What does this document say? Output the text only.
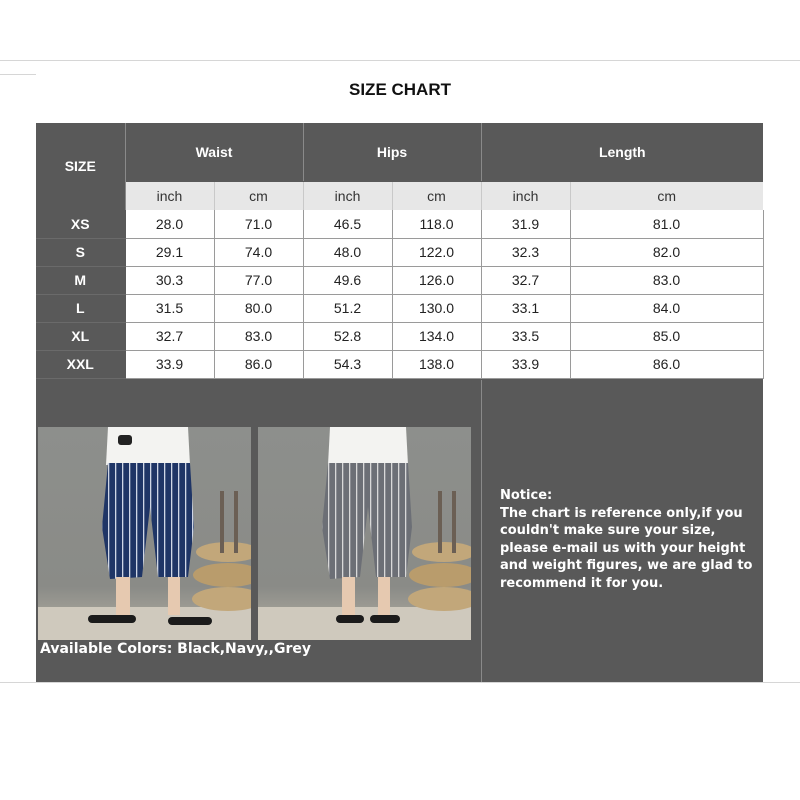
SIZE CHART
SIZE	Waist		Hips		Length	
	inch	cm	inch	cm	inch	cm
XS	28.0	71.0	46.5	118.0	31.9	81.0
S	29.1	74.0	48.0	122.0	32.3	82.0
M	30.3	77.0	49.6	126.0	32.7	83.0
L	31.5	80.0	51.2	130.0	33.1	84.0
XL	32.7	83.0	52.8	134.0	33.5	85.0
XXL	33.9	86.0	54.3	138.0	33.9	86.0
Available Colors: Black,Navy,,Grey
Notice:
The chart is reference only,if you couldn't make sure your size, please e-mail us with your height and weight figures, we are glad to recommend it for you.
